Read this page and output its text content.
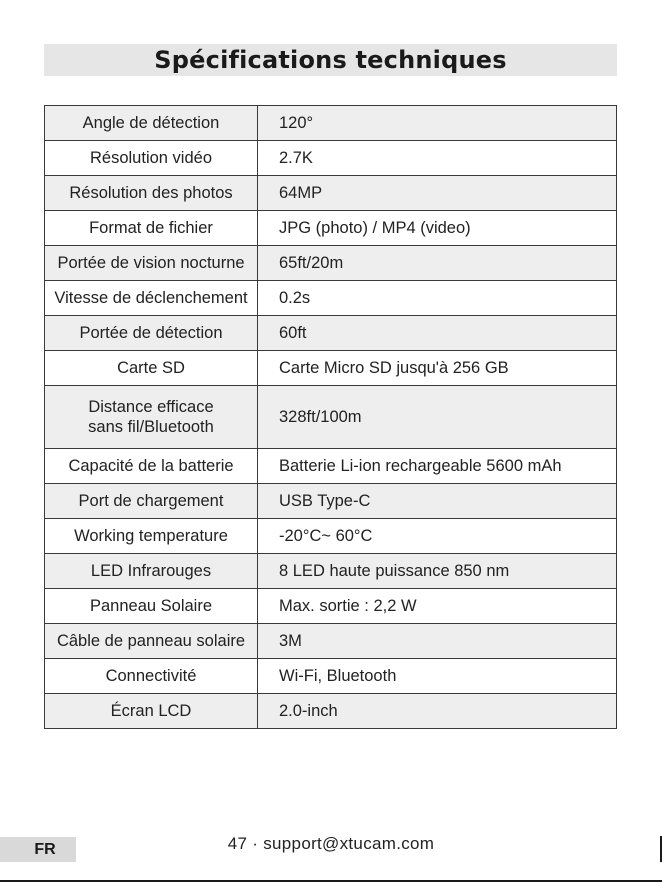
Spécifications techniques
Angle de détection	120°
Résolution vidéo	2.7K
Résolution des photos	64MP
Format de fichier	JPG (photo) / MP4 (video)
Portée de vision nocturne	65ft/20m
Vitesse de déclenchement	0.2s
Portée de détection	60ft
Carte SD	Carte Micro SD jusqu'à 256 GB
Distance efficace
sans fil/Bluetooth	328ft/100m
Capacité de la batterie	Batterie Li-ion rechargeable 5600 mAh
Port de chargement	USB Type-C
Working temperature	-20°C~ 60°C
LED Infrarouges	8 LED haute puissance 850 nm
Panneau Solaire	Max. sortie : 2,2 W
Câble de panneau solaire	3M
Connectivité	Wi-Fi, Bluetooth
Écran LCD	2.0-inch
47 · support@xtucam.com
FR
